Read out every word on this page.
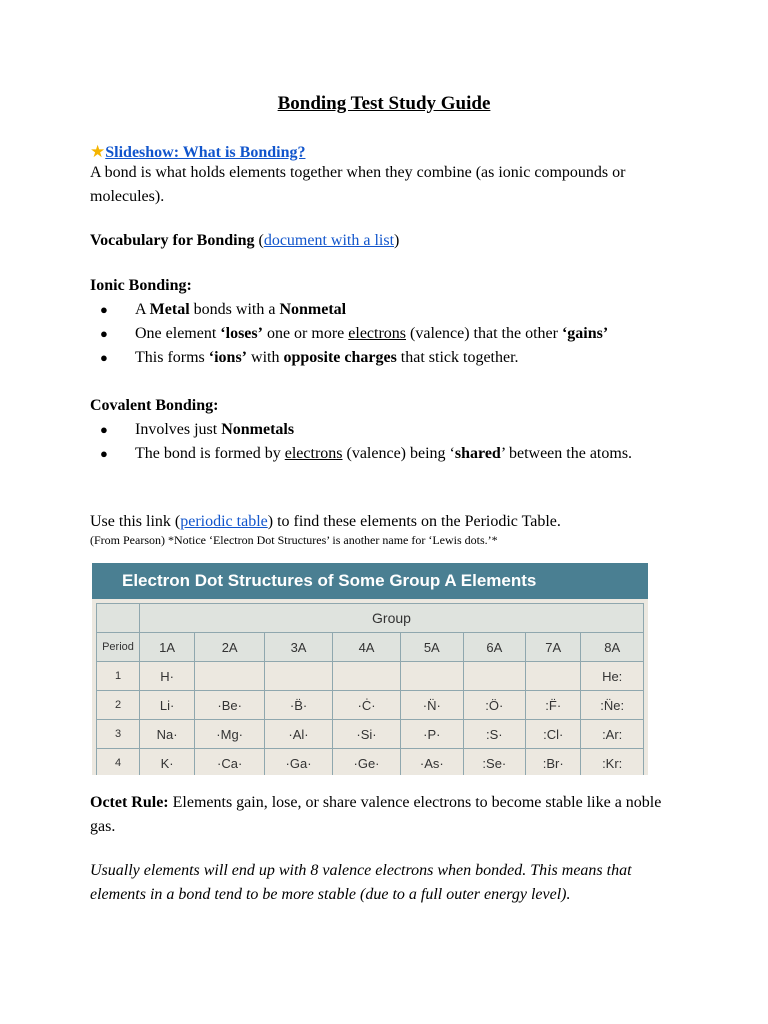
Bonding Test Study Guide
★Slideshow: What is Bonding?
A bond is what holds elements together when they combine (as ionic compounds or molecules).
Vocabulary for Bonding (document with a list)
Ionic Bonding:
● A Metal bonds with a Nonmetal
● One element ‘loses’ one or more electrons (valence) that the other ‘gains’
● This forms ‘ions’ with opposite charges that stick together.
Covalent Bonding:
● Involves just Nonmetals
● The bond is formed by electrons (valence) being ‘shared’ between the atoms.
Use this link (periodic table) to find these elements on the Periodic Table.
(From Pearson) *Notice ‘Electron Dot Structures’ is another name for ‘Lewis dots.’*
Electron Dot Structures of Some Group A Elements
	Group							
Period	1A	2A	3A	4A	5A	6A	7A	8A
1	H·							He:
2	Li·	·Be·	·B̈·	·Ċ·	·N̈·	:Ö·	:F̈·	:N̈e:
3	Na·	·Mg·	·Al·	·Si·	·P·	:S·	:Cl·	:Ar:
4	K·	·Ca·	·Ga·	·Ge·	·As·	:Se·	:Br·	:Kr:
Octet Rule: Elements gain, lose, or share valence electrons to become stable like a noble gas.
Usually elements will end up with 8 valence electrons when bonded. This means that elements in a bond tend to be more stable (due to a full outer energy level).
